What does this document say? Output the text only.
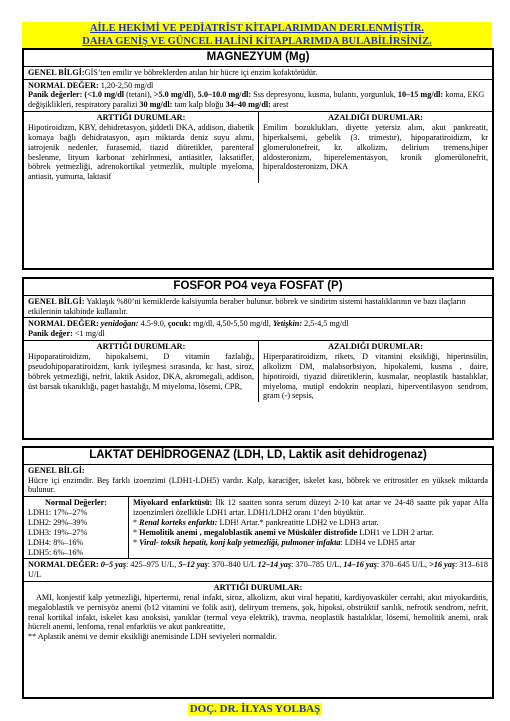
AİLE HEKİMİ VE PEDİATRİST KİTAPLARIMDAN DERLENMİŞTİR.
DAHA GENİŞ VE GÜNCEL HALİNİ KİTAPLARIMDA BULABİLİRSİNİZ.
MAGNEZYUM (Mg)
GENEL BİLGİ:GİS’ten emilir ve böbreklerden atılan bir hücre içi enzim kofaktörüdür.
NORMAL DEĞER: 1,20-2,50 mg/dl
Panik değerler: (<1.0 mg/dl (tetani), >5.0 mg/dl), 5.0–10.0 mg/dl: Sss depresyonu, kusma, bulantı, yorgunluk, 10–15 mg/dl: koma, EKG değişiklikleri, respiratory paralizi 30 mg/dl: tam kalp bloğu 34–40 mg/dl: arest
ARTTIĞI DURUMLAR:
Hipotiroidizm, KBY, dehidretasyon, şiddetli DKA, addison, diabetik komaya bağlı dehidratasyon, aşırı miktarda deniz suyu alımı, iatrojenik nedenler, furasemid, tiazid diüretikler, parenteral beslenme, lityum karbonat zehirlnmesi, antiasitler, laksatifler, böbrek yetmezliği, adrenokortikal yetmezlik, multiple myeloma, antiasit, yumurta, laktasif
AZALDIĞI DURUMLAR:
Emilim bozuklukları, diyette yetersiz alım, akut pankreatit, hiperkalsemi, gebelik (3. trimestır), hipoparatiroidizm, kr glomerulonefreit, kr. alkolizm, delirium tremens,hiper aldosteronizm, hiperelementasyon, kronik glomerülonefrit, hiperaldosteronizm, DKA
FOSFOR PO4 veya FOSFAT (P)
GENEL BİLGİ: Yaklaşık %80’ni kemiklerde kalsiyumla beraber bulunur. böbrek ve sindirim sistemi hastalıklarının ve bazı ilaçların etkilerinin takibinde kullanılır.
NORMAL DEĞER: yenidoğan: 4.5-9.0, çocuk: mg/dl, 4,50-5,50 mg/dl, Yetişkin: 2,5-4,5 mg/dl
Panik değer: <1 mg/dl
ARTTIĞI DURUMLAR:
Hipoparatiroidizm, hipokalsemi, D vitamin fazlalığı, pseudohipoparatiroidzm, kırık iyileşmesi sırasında, kc hast, siroz, böbrek yetmezliği, nefrit, laktik Asidoz, DKA, akromegali, addison, üst barsak tıkanıklığı, paget hastalığı, M miyeloma, lösemi, CPR,
AZALDIĞI DURUMLAR:
Hiperparatiroidizm, rikets, D vitamini eksikliği, hiperinsülin, alkolizm DM, malabsorbsiyon, hipokalemi, kusma , daire, hipotiroidi, tiyazid diüretiklerin, kusmalar, neoplastik hastalıklar, miyeloma, mutipl endokrin neoplazi, hiperventilasyon sendrom, gram (-) sepsis,
LAKTAT DEHİDROGENAZ (LDH, LD, Laktik asit dehidrogenaz)
GENEL BİLGİ:
Hücre içi enzimdir. Beş farklı izoenzimi (LDH1-LDH5) vardır. Kalp, karaciğer, iskelet kası, böbrek ve eritrositler en yüksek miktarda bulunur.
Normal Değerler:
LDH1: 17%–27%
LDH2: 29%–39%
LDH3: 19%–27%
LDH4: 8%–16%
LDH5: 6%–16%
Miyokard enfarktüsü: İlk 12 saatten sonra serum düzeyi 2-10 kat artar ve 24-48 saatte pik yapar Alfa izoenzimleri özellikle LDH1 artar. LDH1/LDH2 oranı 1’den büyüktür.
* Renal korteks enfarktı: LDH! Artar.* pankreatitte LDH2 ve LDH3 artar.
* Hemolitik anemi , megaloblastik anemi ve Müsküler distrofide LDH1 ve LDH 2 artar.
* Viral- toksik hepatit, konj kalp yetmezliği, pulmoner infakta: LDH4 ve LDH5 artar
NORMAL DEĞER: 0–5 yaş: 425–975 U/L, 5–12 yaş: 370–840 U/L 12–14 yaş: 370–785 U/L, 14–16 yaş: 370–645 U/L, >16 yaş: 313–618 U/L
ARTTIĞI DURUMLAR:
AMI, konjestif kalp yetmezliği, hipertermi, renal infakt, siroz, alkolizm, akut viral hepatiti, kardiyovasküler cerrahi, akut miyokarditis, megaloblastik ve pernisyöz anemi (b12 vitamini ve folik asit), deliryum tremens, şok, hipoksi, obstrüktif sarılık, nefrotik sendrom, nefrit, renal kortikal infakt, iskelet kası anoksisi, yanıklar (termal veya elektrik), travma, neoplastik hastalıklar, lösemi, hemolitik anemi, orak hücreli anemi, lenfoma, renal enfarktüs ve akut pankreatitte,
** Aplastik anemi ve demir eksikliği anemisinde LDH seviyeleri normaldir.
DOÇ. DR. İLYAS YOLBAŞ
